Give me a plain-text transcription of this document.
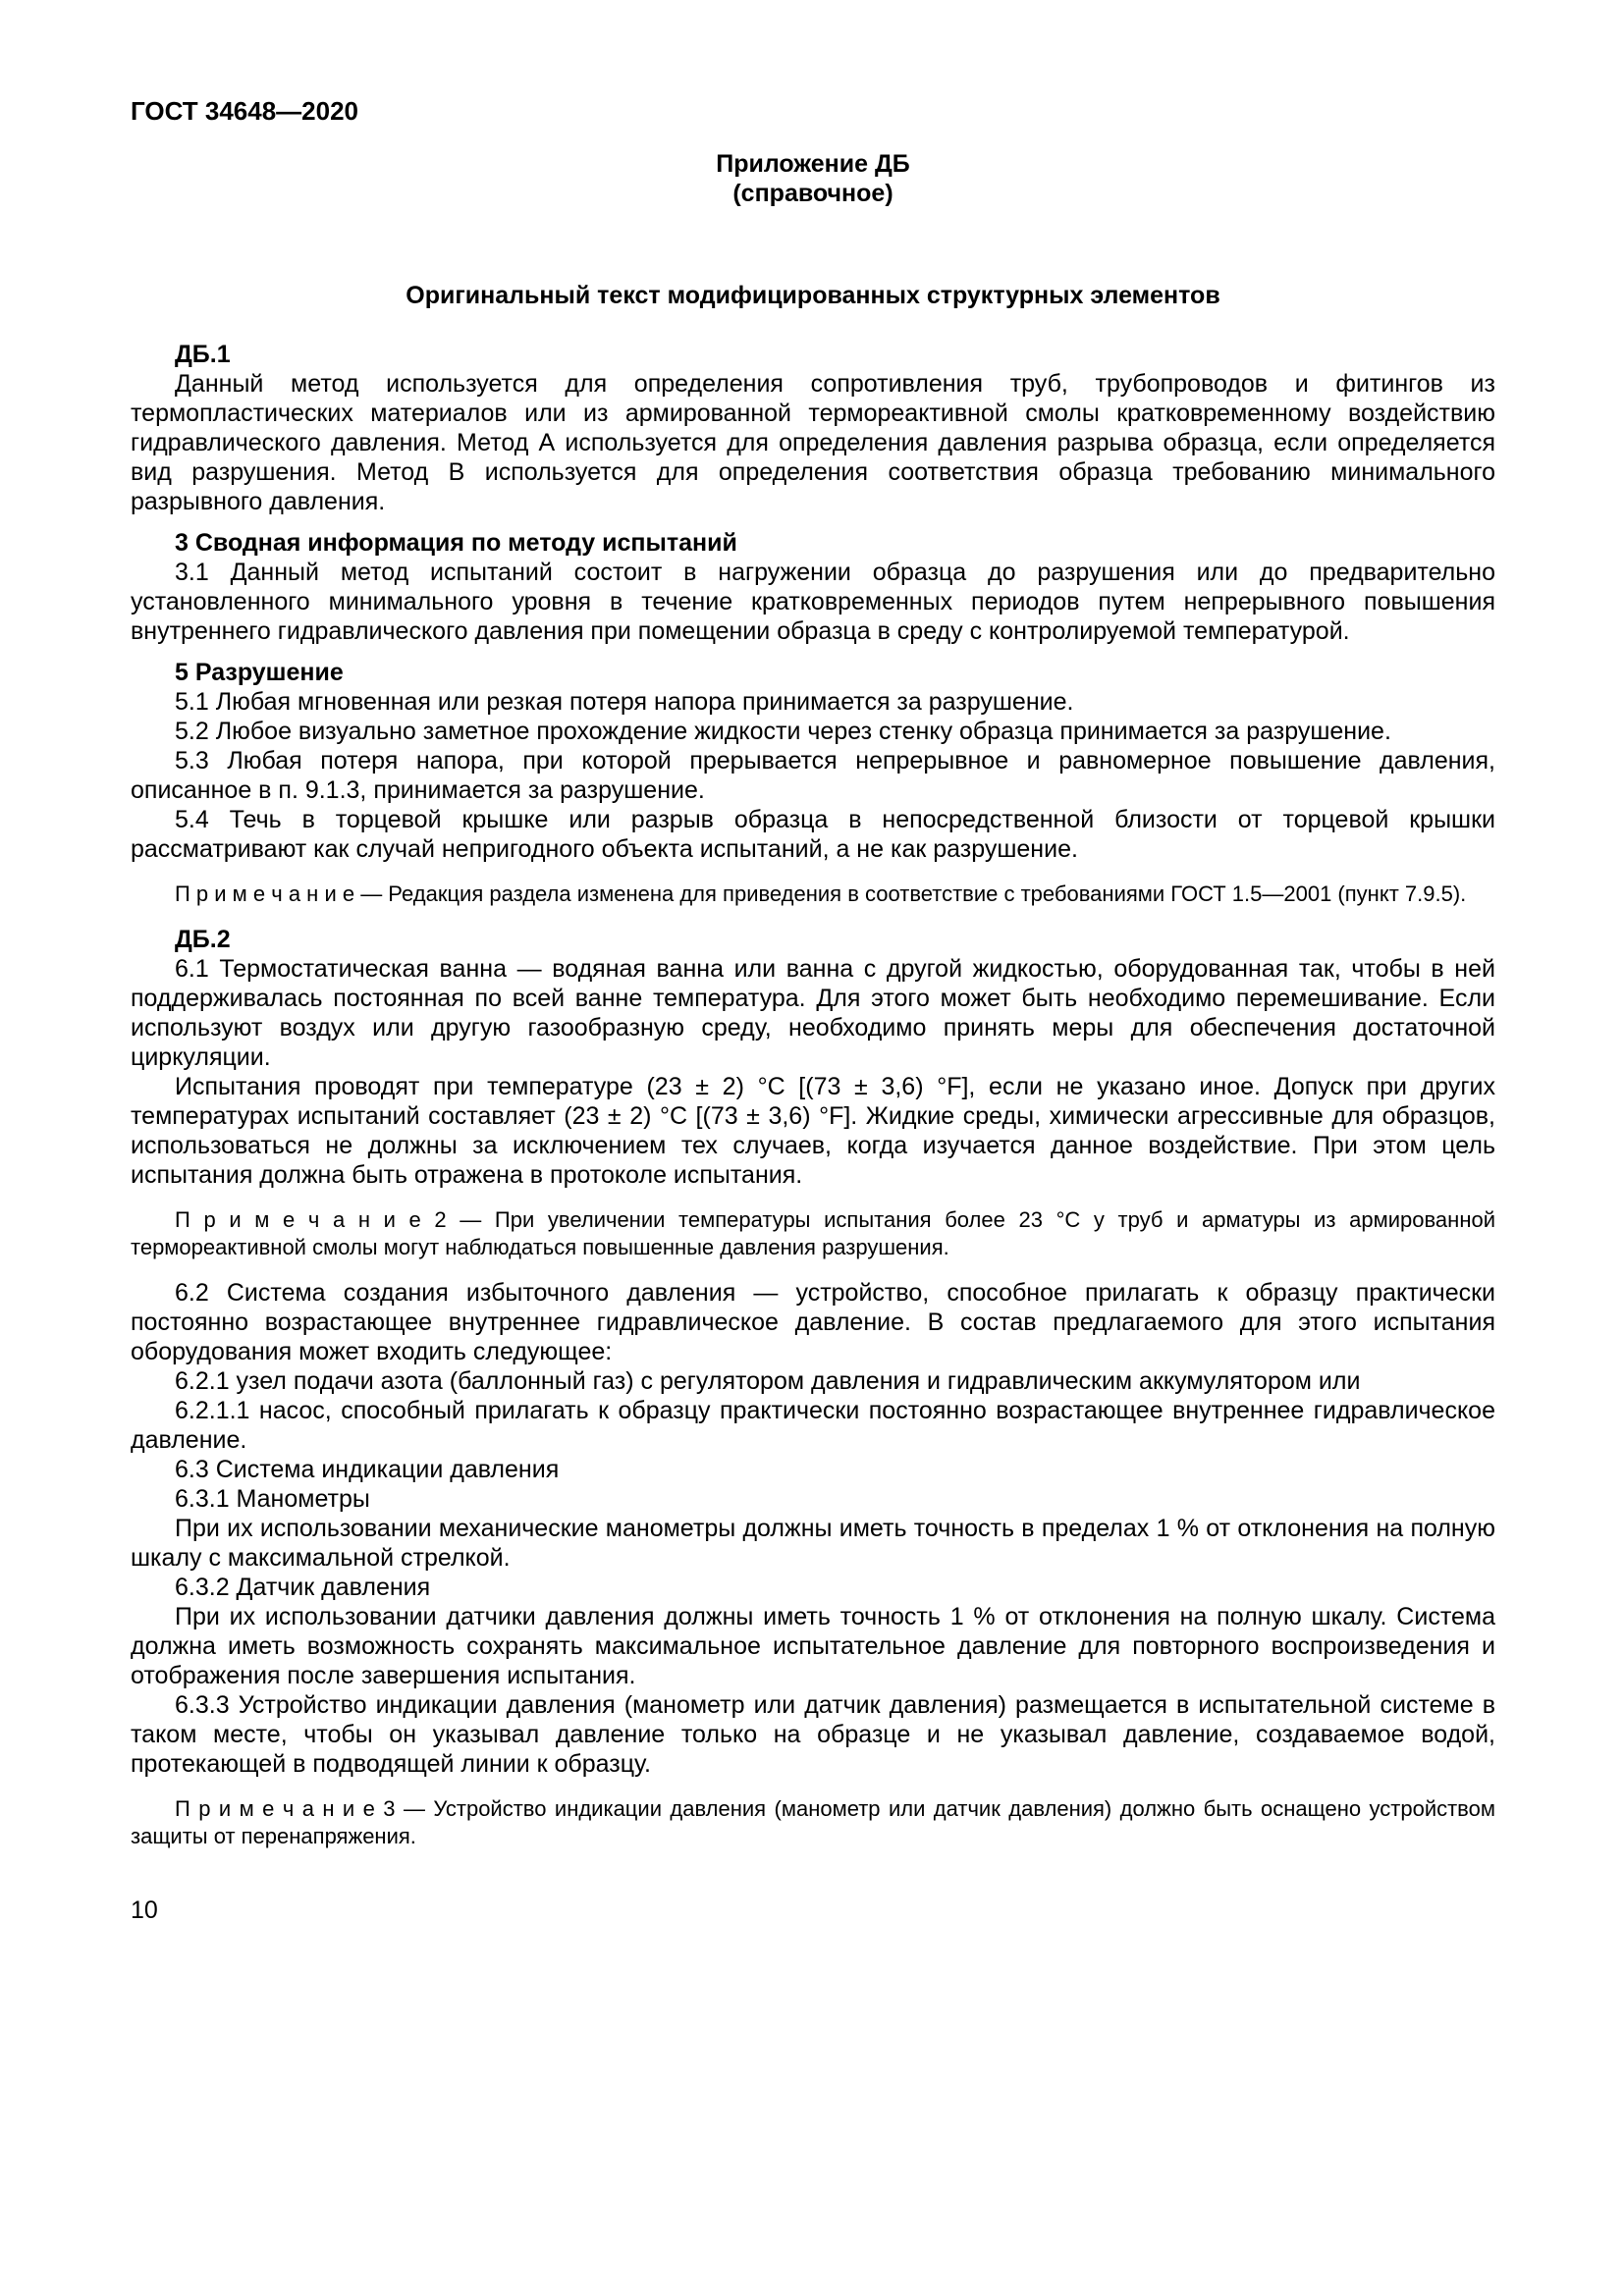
ГОСТ 34648—2020
Приложение ДБ
(справочное)
Оригинальный текст модифицированных структурных элементов

ДБ.1

Данный метод используется для определения сопротивления труб, трубопроводов и фитингов из термопластических материалов или из армированной термореактивной смолы кратковременному воздействию гидравлического давления. Метод А используется для определения давления разрыва образца, если определяется вид разрушения. Метод В используется для определения соответствия образца требованию минимального разрывного давления.

3 Сводная информация по методу испытаний

3.1 Данный метод испытаний состоит в нагружении образца до разрушения или до предварительно установленного минимального уровня в течение кратковременных периодов путем непрерывного повышения внутреннего гидравлического давления при помещении образца в среду с контролируемой температурой.

5 Разрушение

5.1 Любая мгновенная или резкая потеря напора принимается за разрушение.

5.2 Любое визуально заметное прохождение жидкости через стенку образца принимается за разрушение.

5.3 Любая потеря напора, при которой прерывается непрерывное и равномерное повышение давления, описанное в п. 9.1.3, принимается за разрушение.

5.4 Течь в торцевой крышке или разрыв образца в непосредственной близости от торцевой крышки рассматривают как случай непригодного объекта испытаний, а не как разрушение.

П р и м е ч а н и е — Редакция раздела изменена для приведения в соответствие с требованиями ГОСТ 1.5—2001 (пункт 7.9.5).

ДБ.2

6.1 Термостатическая ванна — водяная ванна или ванна с другой жидкостью, оборудованная так, чтобы в ней поддерживалась постоянная по всей ванне температура. Для этого может быть необходимо перемешивание. Если используют воздух или другую газообразную среду, необходимо принять меры для обеспечения достаточной циркуляции.

Испытания проводят при температуре (23 ± 2) °С [(73 ± 3,6) °F], если не указано иное. Допуск при других температурах испытаний составляет (23 ± 2) °С [(73 ± 3,6) °F]. Жидкие среды, химически агрессивные для образцов, использоваться не должны за исключением тех случаев, когда изучается данное воздействие. При этом цель испытания должна быть отражена в протоколе испытания.

П р и м е ч а н и е 2 — При увеличении температуры испытания более 23 °С у труб и арматуры из армированной термореактивной смолы могут наблюдаться повышенные давления разрушения.

6.2 Система создания избыточного давления — устройство, способное прилагать к образцу практически постоянно возрастающее внутреннее гидравлическое давление. В состав предлагаемого для этого испытания оборудования может входить следующее:

6.2.1 узел подачи азота (баллонный газ) с регулятором давления и гидравлическим аккумулятором или

6.2.1.1 насос, способный прилагать к образцу практически постоянно возрастающее внутреннее гидравлическое давление.

6.3 Система индикации давления

6.3.1 Манометры

При их использовании механические манометры должны иметь точность в пределах 1 % от отклонения на полную шкалу с максимальной стрелкой.

6.3.2 Датчик давления

При их использовании датчики давления должны иметь точность 1 % от отклонения на полную шкалу. Система должна иметь возможность сохранять максимальное испытательное давление для повторного воспроизведения и отображения после завершения испытания.

6.3.3 Устройство индикации давления (манометр или датчик давления) размещается в испытательной системе в таком месте, чтобы он указывал давление только на образце и не указывал давление, создаваемое водой, протекающей в подводящей линии к образцу.

П р и м е ч а н и е 3 — Устройство индикации давления (манометр или датчик давления) должно быть оснащено устройством защиты от перенапряжения.

10
